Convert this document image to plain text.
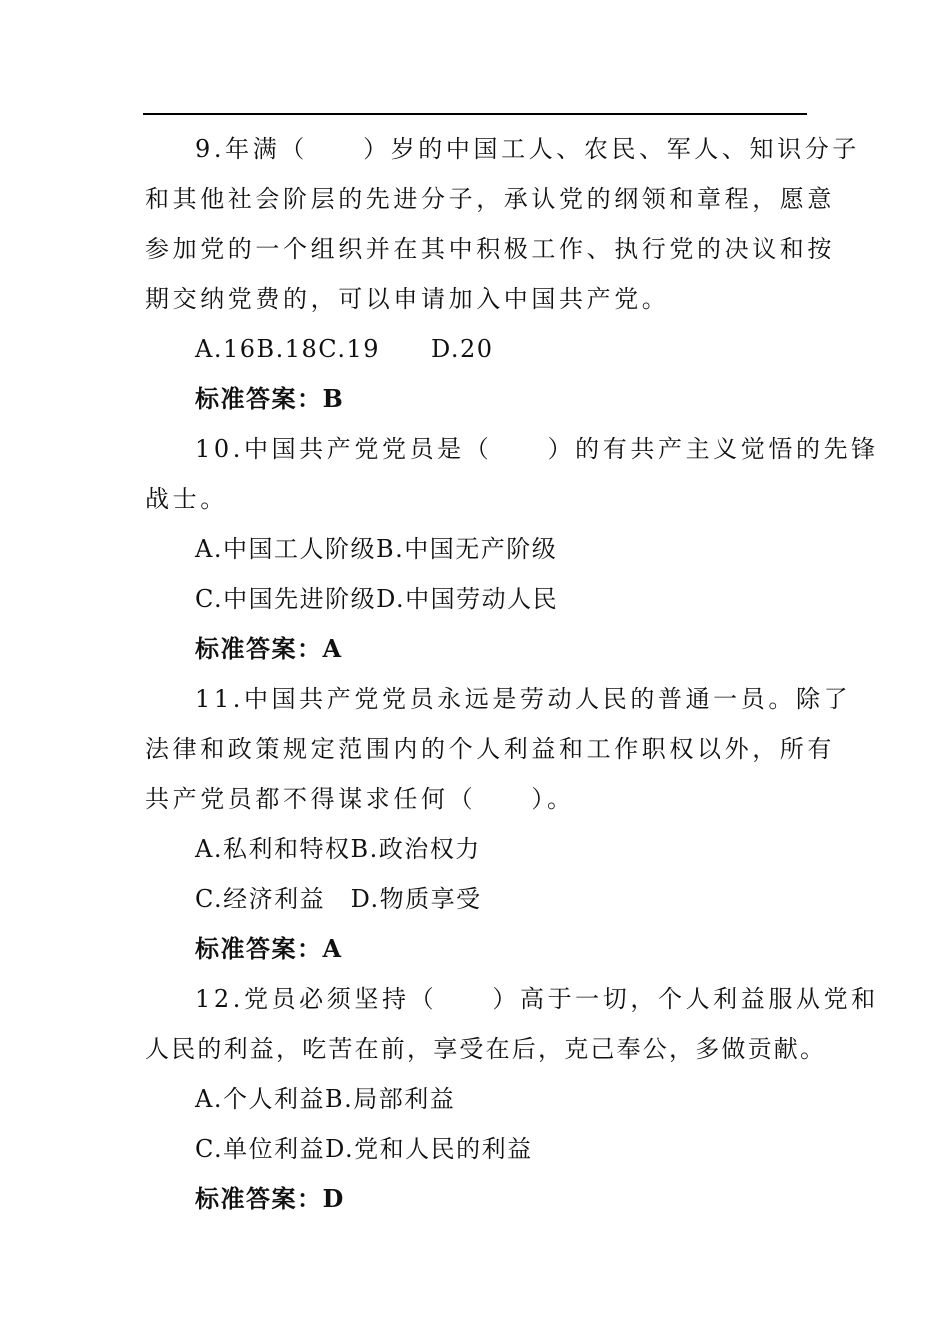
9.年满（　　）岁的中国工人、农民、军人、知识分子
和其他社会阶层的先进分子，承认党的纲领和章程，愿意
参加党的一个组织并在其中积极工作、执行党的决议和按
期交纳党费的，可以申请加入中国共产党。
A.16B.18C.19　　D.20
标准答案：B
10.中国共产党党员是（　　）的有共产主义觉悟的先锋
战士。
A.中国工人阶级B.中国无产阶级
C.中国先进阶级D.中国劳动人民
标准答案：A
11.中国共产党党员永远是劳动人民的普通一员。除了
法律和政策规定范围内的个人利益和工作职权以外，所有
共产党员都不得谋求任何（　　）。
A.私利和特权B.政治权力
C.经济利益　D.物质享受
标准答案：A
12.党员必须坚持（　　）高于一切，个人利益服从党和
人民的利益，吃苦在前，享受在后，克己奉公，多做贡献。
A.个人利益B.局部利益
C.单位利益D.党和人民的利益
标准答案：D
